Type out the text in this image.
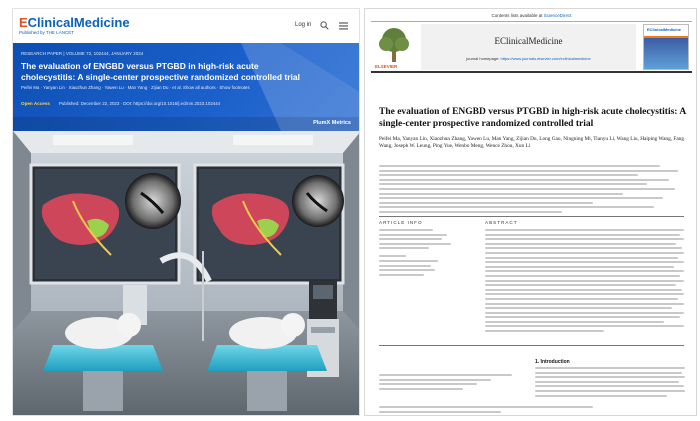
EClinicalMedicine
Published by THE LANCET
Log in
RESEARCH PAPER | VOLUME 72, 102444, JANUARY 2024
The evaluation of ENGBD versus PTGBD in high-risk acute cholecystitis: A single-center prospective randomized controlled trial
Peifei Ma · Yanyan Lin · Xiaozhun Zhang · Yawen Lu · Man Yang · Zijian Du · et al. Show all authors · Show footnotes
Open Access Published: December 22, 2023 · DOI: https://doi.org/10.1016/j.eclinm.2023.102444
PlumX Metrics
Contents lists available at ScienceDirect
ELSEVIER
EClinicalMedicine
journal homepage: https://www.journals.elsevier.com/eclinicalmedicine
EClinicalMedicine
The evaluation of ENGBD versus PTGBD in high-risk acute cholecystitis: A single-center prospective randomized controlled trial
Peifei Ma, Yanyan Lin, Xiaozhun Zhang, Yawen Lu, Man Yang, Zijian Du, Long Gao, Ningning Mi, Tianyu Li, Wang Liu, Haiping Wang, Fang Wang, Joseph W. Leung, Ping Yue, Wenbo Meng, Wence Zhou, Xun Li
ARTICLE INFO	ABSTRACT
1. Introduction
